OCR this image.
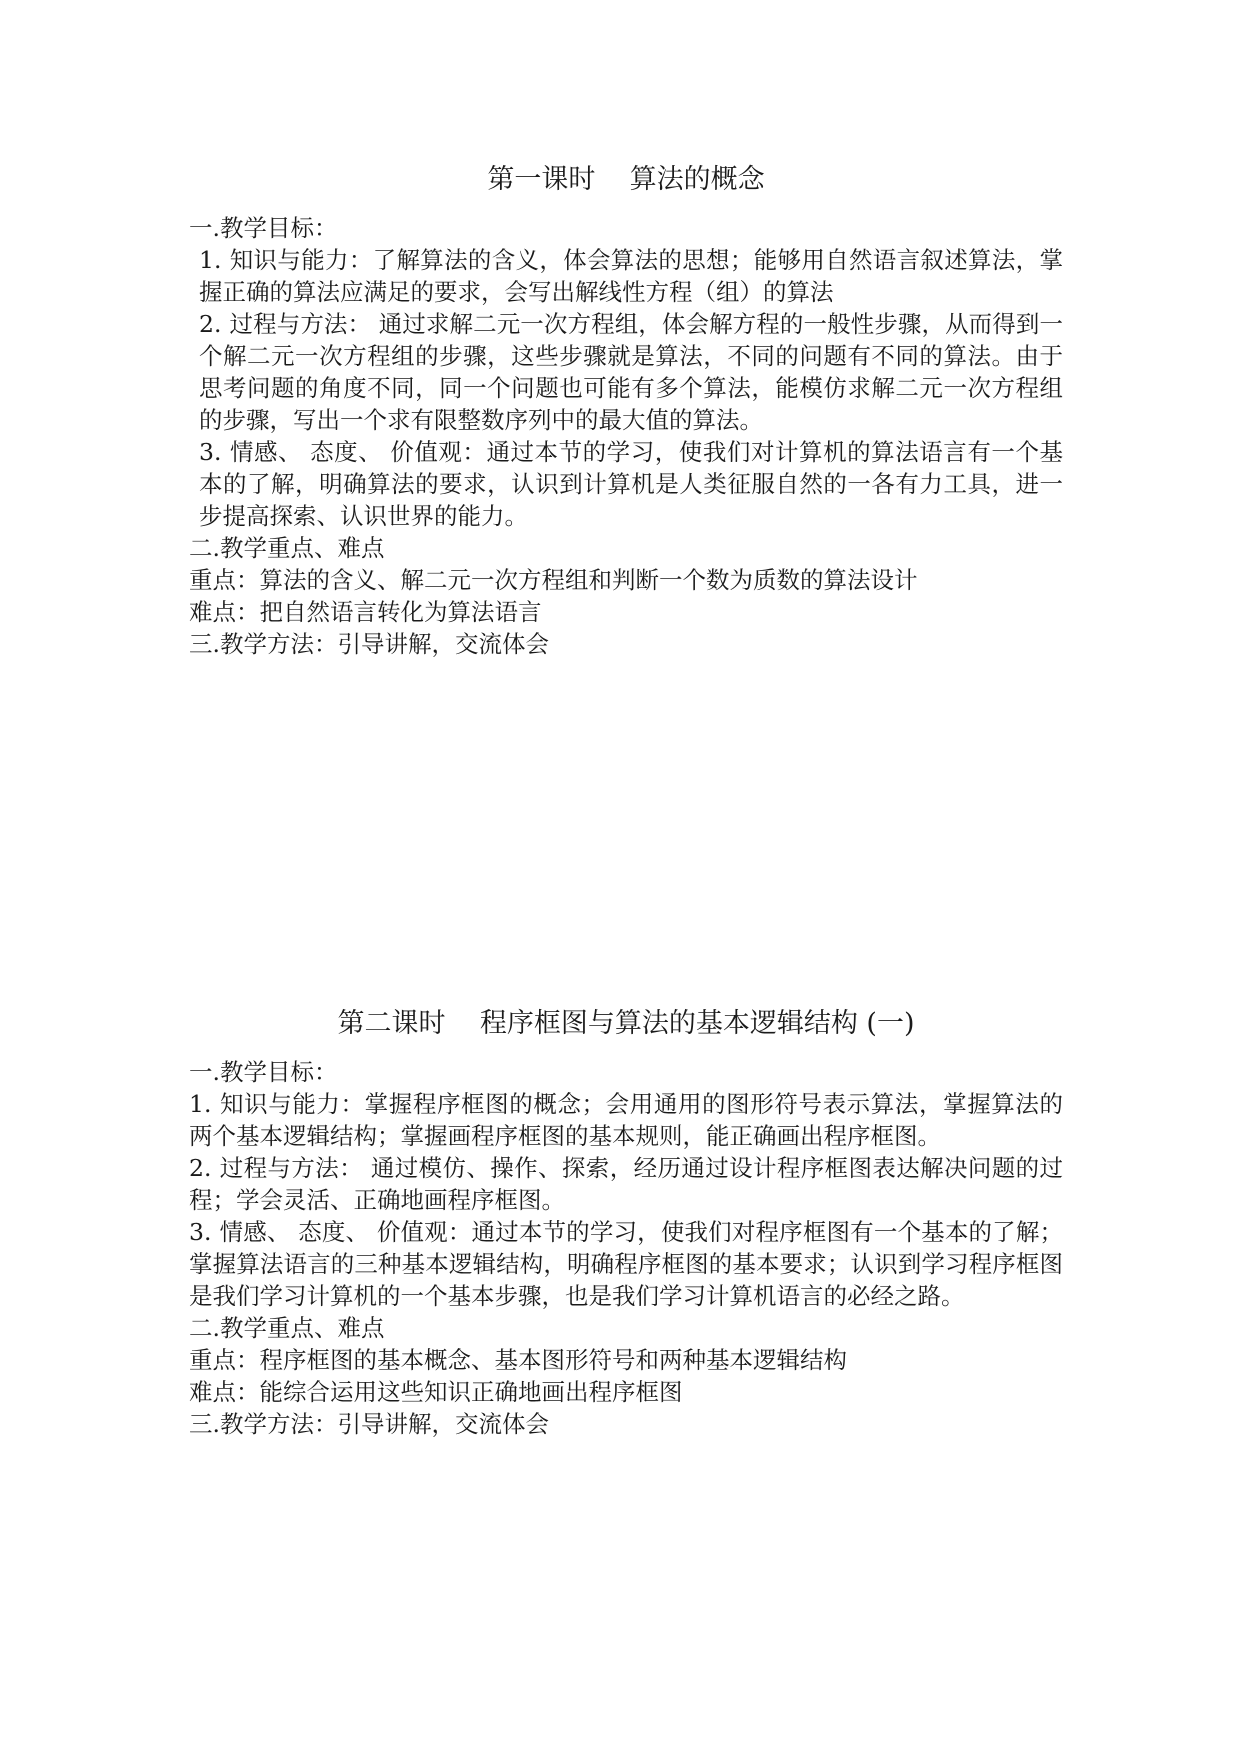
第一课时    算法的概念

一.教学目标：

1. 知识与能力：了解算法的含义，体会算法的思想；能够用自然语言叙述算法，掌握正确的算法应满足的要求，会写出解线性方程（组）的算法

2. 过程与方法： 通过求解二元一次方程组，体会解方程的一般性步骤，从而得到一个解二元一次方程组的步骤，这些步骤就是算法，不同的问题有不同的算法。由于思考问题的角度不同，同一个问题也可能有多个算法，能模仿求解二元一次方程组的步骤，写出一个求有限整数序列中的最大值的算法。

3. 情感、 态度、 价值观：通过本节的学习，使我们对计算机的算法语言有一个基本的了解，明确算法的要求，认识到计算机是人类征服自然的一各有力工具，进一步提高探索、认识世界的能力。

二.教学重点、难点

重点：算法的含义、解二元一次方程组和判断一个数为质数的算法设计

难点：把自然语言转化为算法语言

三.教学方法：引导讲解，交流体会

第二课时    程序框图与算法的基本逻辑结构 (一)

一.教学目标：

1. 知识与能力：掌握程序框图的概念；会用通用的图形符号表示算法，掌握算法的两个基本逻辑结构；掌握画程序框图的基本规则，能正确画出程序框图。

2. 过程与方法： 通过模仿、操作、探索，经历通过设计程序框图表达解决问题的过程；学会灵活、正确地画程序框图。

3. 情感、 态度、 价值观：通过本节的学习，使我们对程序框图有一个基本的了解；掌握算法语言的三种基本逻辑结构，明确程序框图的基本要求；认识到学习程序框图是我们学习计算机的一个基本步骤，也是我们学习计算机语言的必经之路。

二.教学重点、难点

重点：程序框图的基本概念、基本图形符号和两种基本逻辑结构

难点：能综合运用这些知识正确地画出程序框图

三.教学方法：引导讲解，交流体会
